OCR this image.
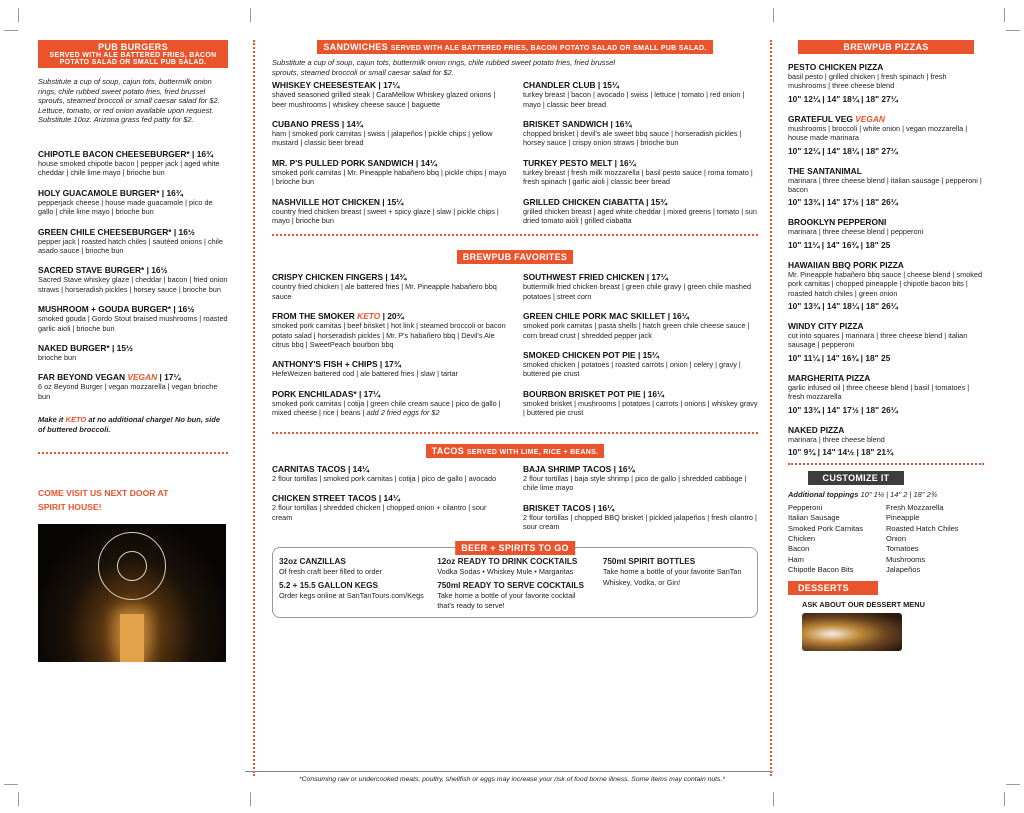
PUB BURGERS
SERVED WITH ALE BATTERED FRIES, BACON POTATO SALAD OR SMALL PUB SALAD.

Substitute a cup of soup, cajun tots, buttermilk onion rings, chile rubbed sweet potato fries, fried brussel sprouts, steamed broccoli or small caesar salad for $2. Lettuce, tomato, or red onion available upon request. Substitute 10oz. Arizona grass fed patty for $2.

CHIPOTLE BACON CHEESEBURGER* | 16¾
house smoked chipotle bacon | pepper jack | aged white cheddar | chile lime mayo | brioche bun
HOLY GUACAMOLE BURGER* | 16¾
pepperjack cheese | house made guacamole | pico de gallo | chile lime mayo | brioche bun
GREEN CHILE CHEESEBURGER* | 16½
pepper jack | roasted hatch chiles | sautéed onions | chile asado sauce | brioche bun
SACRED STAVE BURGER* | 16½
Sacred Stave whiskey glaze | cheddar | bacon | fried onion straws | horseradish pickles | horsey sauce | brioche bun
MUSHROOM + GOUDA BURGER* | 16½
smoked gouda | Gordo Stout braised mushrooms | roasted garlic aioli | brioche bun
NAKED BURGER* | 15½
brioche bun
FAR BEYOND VEGAN VEGAN | 17¼
6 oz Beyond Burger | vegan mozzarella | vegan brioche bun

Make it KETO at no additional charge! No bun, side of buttered broccoli.

COME VISIT US NEXT DOOR AT SPIRIT HOUSE!
SANDWICHES SERVED WITH ALE BATTERED FRIES, BACON POTATO SALAD OR SMALL PUB SALAD.

Substitute a cup of soup, cajun tots, buttermilk onion rings, chile rubbed sweet potato fries, fried brussel sprouts, steamed broccoli or small caesar salad for $2.

WHISKEY CHEESESTEAK | 17¼
shaved seasoned grilled steak | CaraMellow Whiskey glazed onions | beer mushrooms | whiskey cheese sauce | baguette
CUBANO PRESS | 14¾
ham | smoked pork carnitas | swiss | jalapeños | pickle chips | yellow mustard | classic beer bread
MR. P'S PULLED PORK SANDWICH | 14¼
smoked pork carnitas | Mr. Pineapple habañero bbq | pickle chips | mayo | brioche bun
NASHVILLE HOT CHICKEN | 15¼
country fried chicken breast | sweet + spicy glaze | slaw | pickle chips | mayo | brioche bun
CHANDLER CLUB | 15¼
turkey breast | bacon | avocado | swiss | lettuce | tomato | red onion | mayo | classic beer bread
BRISKET SANDWICH | 16¾
chopped brisket | devil's ale sweet bbq sauce | horseradish pickles | horsey sauce | crispy onion straws | brioche bun
TURKEY PESTO MELT | 16¼
turkey breast | fresh milk mozzarella | basil pesto sauce | roma tomato | fresh spinach | garlic aioli | classic beer bread
GRILLED CHICKEN CIABATTA | 15¾
grilled chicken breast | aged white cheddar | mixed greens | tomato | sun dried tomato aioli | grilled ciabatta
BREWPUB FAVORITES
CRISPY CHICKEN FINGERS | 14¾
country fried chicken | ale battered fries | Mr. Pineapple habañero bbq sauce
FROM THE SMOKER KETO | 20¾
smoked pork carnitas | beef brisket | hot link | steamed broccoli or bacon potato salad | horseradish pickles | Mr. P's habañero bbq | Devil's Ale citrus bbq | SweetPeach bourbon bbq
ANTHONY'S FISH + CHIPS | 17¾
HefeWeizen battered cod | ale battered fries | slaw | tartar
PORK ENCHILADAS* | 17¼
smoked pork carnitas | cotija | green chile cream sauce | pico de gallo | mixed cheese | rice | beans | add 2 fried eggs for $2
SOUTHWEST FRIED CHICKEN | 17¼
buttermilk fried chicken breast | green chile gravy | green chile mashed potatoes | street corn
GREEN CHILE PORK MAC SKILLET | 16¼
smoked pork carnitas | pasta shells | hatch green chile cheese sauce | corn bread crust | shredded pepper jack
SMOKED CHICKEN POT PIE | 15¼
smoked chicken | potatoes | roasted carrots | onion | celery | gravy | buttered pie crust
BOURBON BRISKET POT PIE | 16¼
smoked brisket | mushrooms | potatoes | carrots | onions | whiskey gravy | buttered pie crust
TACOS SERVED WITH LIME, RICE + BEANS.
CARNITAS TACOS | 14¼
2 flour tortillas | smoked pork carnitas | cotija | pico de gallo | avocado
CHICKEN STREET TACOS | 14¼
2 flour tortillas | shredded chicken | chopped onion + cilantro | sour cream
BAJA SHRIMP TACOS | 16¼
2 flour tortillas | baja style shrimp | pico de gallo | shredded cabbage | chile lime mayo
BRISKET TACOS | 16¼
2 flour tortillas | chopped BBQ brisket | pickled jalapeños | fresh cilantro | sour cream
BEER + SPIRITS TO GO
32oz CANZILLAS
Of fresh craft beer filled to order
5.2 + 15.5 GALLON KEGS
Order kegs online at SanTanTours.com/Kegs
12oz READY TO DRINK COCKTAILS
Vodka Sodas • Whiskey Mule • Margaritas
750ml READY TO SERVE COCKTAILS
Take home a bottle of your favorite cocktail that's ready to serve!
750ml SPIRIT BOTTLES
Take home a bottle of your favorite SanTan Whiskey, Vodka, or Gin!
BREWPUB PIZZAS
PESTO CHICKEN PIZZA
basil pesto | grilled chicken | fresh spinach | fresh mushrooms | three cheese blend
10" 12¼ | 14" 18¼ | 18" 27¼
GRATEFUL VEG VEGAN
mushrooms | broccoli | white onion | vegan mozzarella | house made marinara
10" 12¼ | 14" 18¼ | 18" 27¼
THE SANTANIMAL
marinara | three cheese blend | italian sausage | pepperoni | bacon
10" 13¾ | 14" 17½ | 18" 26¼
BROOKLYN PEPPERONI
marinara | three cheese blend | pepperoni
10" 11¼ | 14" 16¾ | 18" 25
HAWAIIAN BBQ PORK PIZZA
Mr. Pineapple habañero bbq sauce | cheese blend | smoked pork carnitas | chopped pineapple | chipotle bacon bits | roasted hatch chiles | green onion
10" 13¾ | 14" 18¼ | 18" 26¼
WINDY CITY PIZZA
cut into squares | marinara | three cheese blend | italian sausage | pepperoni
10" 11¼ | 14" 16¾ | 18" 25
MARGHERITA PIZZA
garlic infused oil | three cheese blend | basil | tomatoes | fresh mozzarella
10" 13¾ | 14" 17½ | 18" 26¼
NAKED PIZZA
marinara | three cheese blend
10" 9¾ | 14" 14½ | 18" 21¾
CUSTOMIZE IT
Additional toppings 10" 1¼ | 14" 2 | 18" 2¾
Pepperoni
Italian Sausage
Smoked Pork Carnitas
Chicken
Bacon
Ham
Chipotle Bacon Bits
Fresh Mozzarella
Pineapple
Roasted Hatch Chiles
Onion
Tomatoes
Mushrooms
Jalapeños
DESSERTS
ASK ABOUT OUR DESSERT MENU
*Consuming raw or undercooked meats, poultry, shellfish or eggs may increase your risk of food borne illness. Some items may contain nuts.*
